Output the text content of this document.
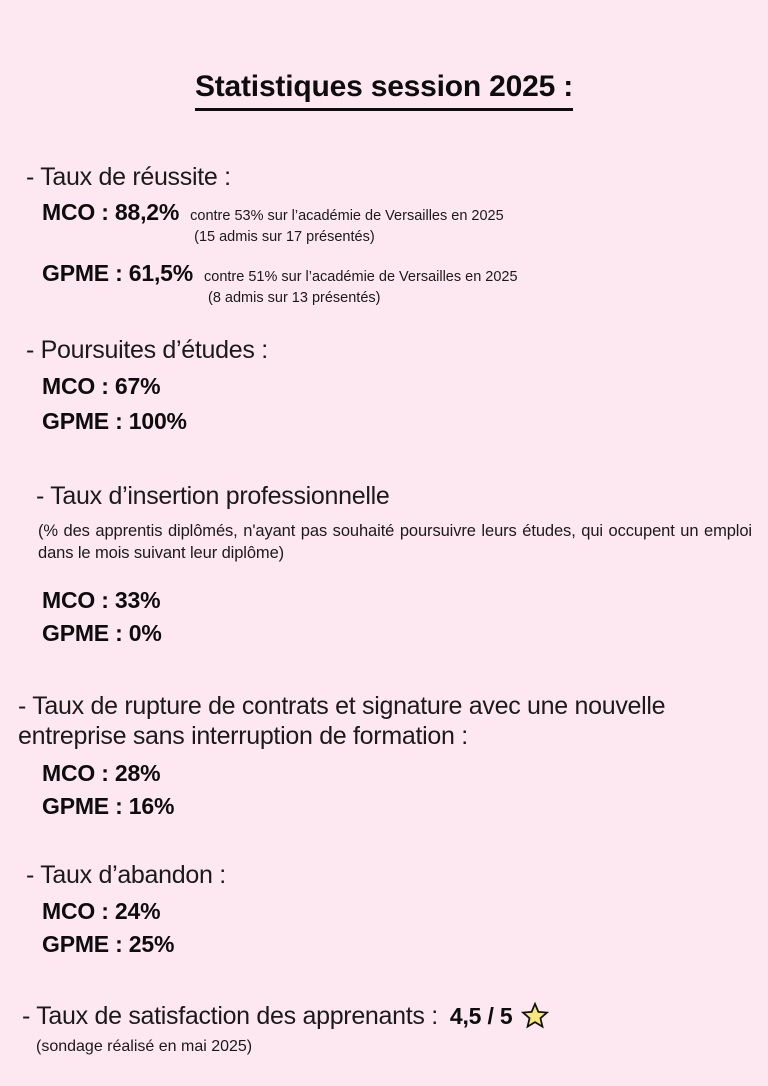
Statistiques session 2025 :
- Taux de réussite :
MCO : 88,2% contre 53% sur l’académie de Versailles en 2025
(15 admis sur 17 présentés)
GPME : 61,5% contre 51% sur l’académie de Versailles en 2025
(8 admis sur 13 présentés)
- Poursuites d’études :
MCO : 67%
GPME : 100%
- Taux d’insertion professionnelle
(% des apprentis diplômés, n'ayant pas souhaité poursuivre leurs études, qui occupent un emploi dans le mois suivant leur diplôme)
MCO : 33%
GPME : 0%
- Taux de rupture de contrats et signature avec une nouvelle entreprise sans interruption de formation :
MCO : 28%
GPME : 16%
- Taux d’abandon :
MCO : 24%
GPME : 25%
- Taux de satisfaction des apprenants : 4,5 / 5
(sondage réalisé en mai 2025)
